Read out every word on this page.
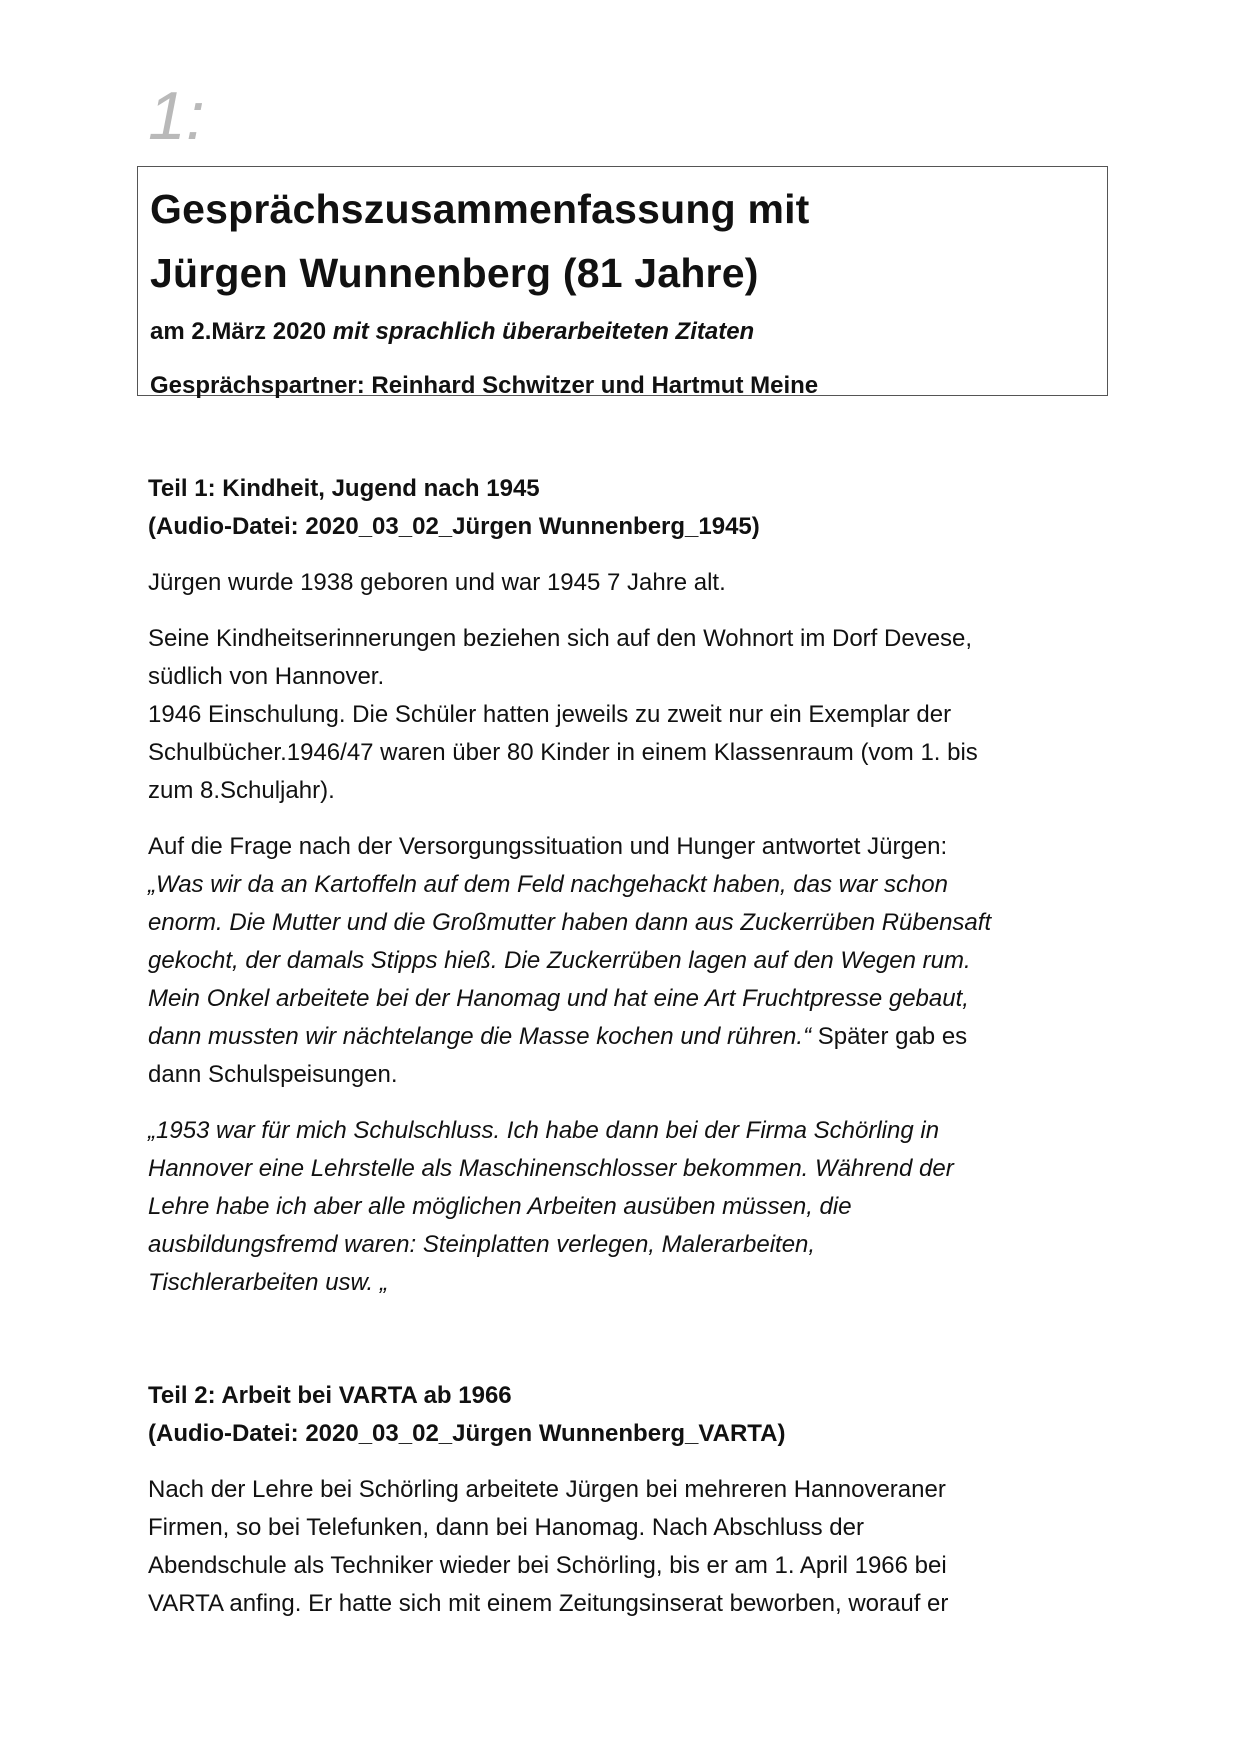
1:

Gesprächszusammenfassung mit

Jürgen Wunnenberg (81 Jahre)

am 2.März 2020 mit sprachlich überarbeiteten Zitaten

Gesprächspartner: Reinhard Schwitzer und Hartmut Meine

Teil 1: Kindheit, Jugend nach 1945

(Audio-Datei: 2020_03_02_Jürgen Wunnenberg_1945)

Jürgen wurde 1938 geboren und war 1945 7 Jahre alt.

Seine Kindheitserinnerungen beziehen sich auf den Wohnort im Dorf Devese,

südlich von Hannover.

1946 Einschulung. Die Schüler hatten jeweils zu zweit nur ein Exemplar der

Schulbücher.1946/47 waren über 80 Kinder in einem Klassenraum (vom 1. bis

zum 8.Schuljahr).

Auf die Frage nach der Versorgungssituation und Hunger antwortet Jürgen:

„Was wir da an Kartoffeln auf dem Feld nachgehackt haben, das war schon

enorm. Die Mutter und die Großmutter haben dann aus Zuckerrüben Rübensaft

gekocht, der damals Stipps hieß. Die Zuckerrüben lagen auf den Wegen rum.

Mein Onkel arbeitete bei der Hanomag und hat eine Art Fruchtpresse gebaut,

dann mussten wir nächtelange die Masse kochen und rühren.“ Später gab es

dann Schulspeisungen.

„1953 war für mich Schulschluss. Ich habe dann bei der Firma Schörling in

Hannover eine Lehrstelle als Maschinenschlosser bekommen. Während der

Lehre habe ich aber alle möglichen Arbeiten ausüben müssen, die

ausbildungsfremd waren: Steinplatten verlegen, Malerarbeiten,

Tischlerarbeiten usw. „

Teil 2: Arbeit bei VARTA ab 1966

(Audio-Datei: 2020_03_02_Jürgen Wunnenberg_VARTA)

Nach der Lehre bei Schörling arbeitete Jürgen bei mehreren Hannoveraner

Firmen, so bei Telefunken, dann bei Hanomag. Nach Abschluss der

Abendschule als Techniker wieder bei Schörling, bis er am 1. April 1966 bei

VARTA anfing. Er hatte sich mit einem Zeitungsinserat beworben, worauf er
